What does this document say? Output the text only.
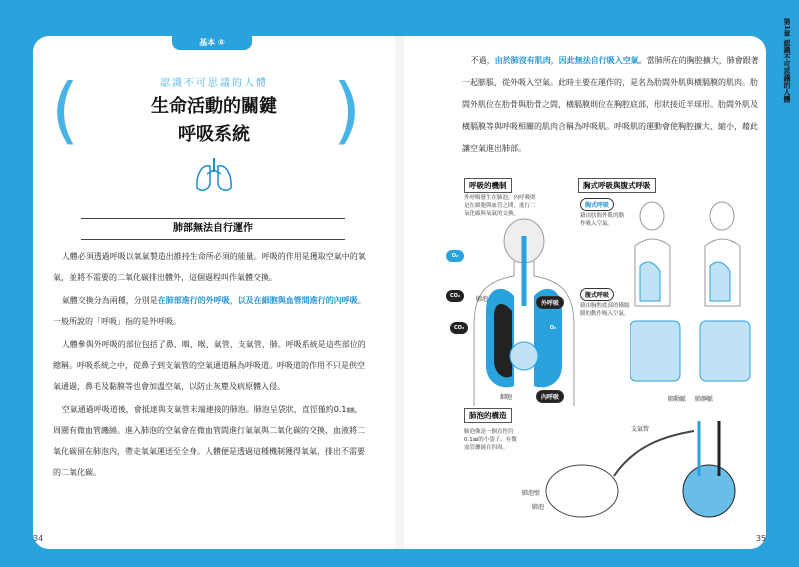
基本 ⑥
(	)
認識不可思議的人體
生命活動的關鍵
呼吸系統
肺部無法自行運作

人體必須透過呼吸以氧氣製造出維持生命所必須的能量。呼吸的作用是獲取空氣中的氧氣，並將不需要的二氧化碳排出體外，這個過程叫作氣體交換。

氣體交換分為兩種，分別是在肺部進行的外呼吸，以及在細胞與血管間進行的內呼吸。一般所說的「呼吸」指的是外呼吸。

人體參與外呼吸的部位包括了鼻、咽、喉、氣管、支氣管、肺。呼吸系統是這些部位的總稱。呼吸系統之中，從鼻子到支氣管的空氣通道稱為呼吸道。呼吸道的作用不只是供空氣通過，鼻毛及黏膜等也會加溫空氣，以防止灰塵及病原體入侵。

空氣通過呼吸道後，會抵達與支氣管末端連接的肺泡。肺泡呈袋狀，直徑僅約0.1㎜，周圍有微血管纏繞。進入肺泡的空氣會在微血管間進行氣氣與二氧化碳的交換，血液將二氧化碳留在肺泡內，帶走氧氣運送至全身。人體便是透過這種機制獲得氧氣，排出不需要的二氧化碳。

34

不過，由於肺沒有肌肉，因此無法自行吸入空氣。當肺所在的胸腔擴大，肺會跟著一起膨脹，從外吸入空氣。此時主要在運作的，是名為肋間外肌與橫膈膜的肌肉。肋間外肌位在肋骨與肋骨之間，橫膈膜則位在胸腔底部，形狀接近半球形。肋間外肌及橫膈膜等與呼吸相關的肌肉合稱為呼吸肌。呼吸肌的運動會使胸腔擴大、縮小，藉此讓空氣進出肺部。

呼吸的機制
外呼吸發生在肺泡，內呼吸則是在細胞與血管之間，進行二氧化碳與氧氣的交換。
O₂
CO₂
CO₂	O₂
肺泡
外呼吸
內呼吸
細胞
胸式呼吸與腹式呼吸
胸式呼吸
藉由肋間外肌的動作吸入空氣。
腹式呼吸
藉由胸腔底部的橫膈膜的動作吸入空氣。
肺泡的構造
肺泡像是一個直徑約0.1㎜的小袋子，有微血管纏繞在四周。
支氣管
肺泡壁
肺泡
肺動脈 肺靜脈
35
第1章 認識不可思議的人體
